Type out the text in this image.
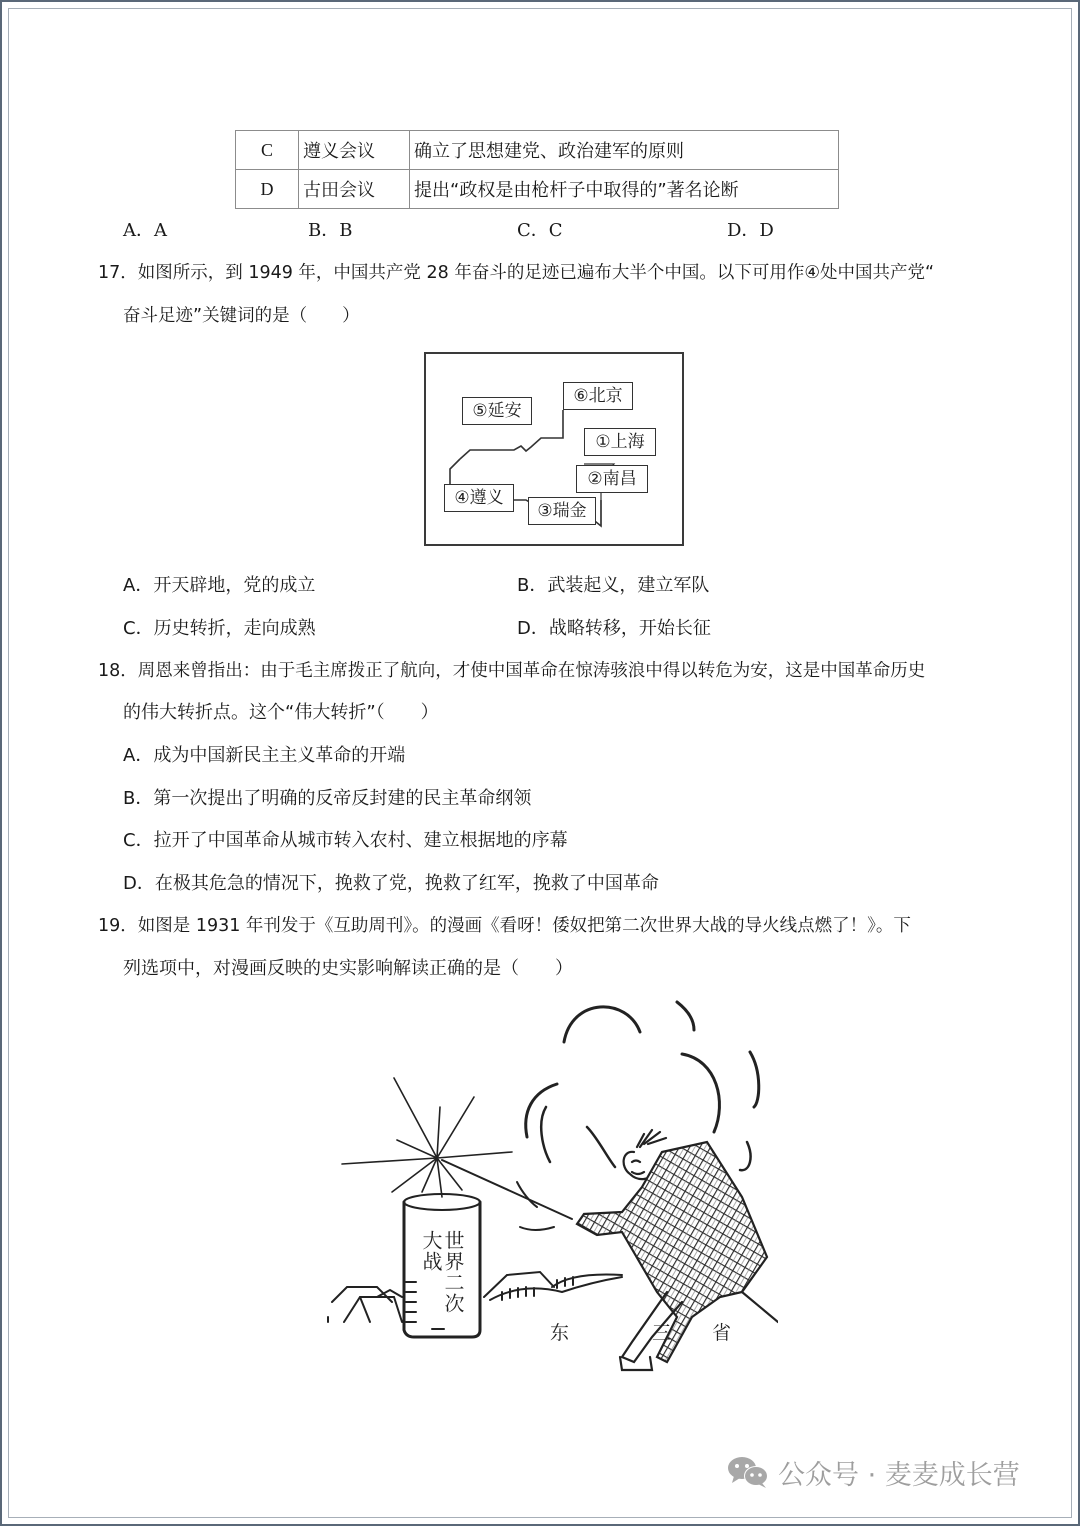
C	遵义会议	确立了思想建党、政治建军的原则
D	古田会议	提出“政权是由枪杆子中取得的”著名论断
A．A	B．B	C．C	D．D
17．如图所示，到 1949 年，中国共产党 28 年奋斗的足迹已遍布大半个中国。以下可用作④处中国共产党“
奋斗足迹”关键词的是（　　）
⑤延安
⑥北京
①上海
②南昌
④遵义
③瑞金
A．开天辟地，党的成立	B．武装起义，建立军队
C．历史转折，走向成熟	D．战略转移，开始长征
18．周恩来曾指出：由于毛主席拨正了航向，才使中国革命在惊涛骇浪中得以转危为安，这是中国革命历史
的伟大转折点。这个“伟大转折”（　　）
A．成为中国新民主主义革命的开端
B．第一次提出了明确的反帝反封建的民主革命纲领
C．拉开了中国革命从城市转入农村、建立根据地的序幕
D．在极其危急的情况下，挽救了党，挽救了红军，挽救了中国革命
19．如图是 1931 年刊发于《互助周刊》。的漫画《看呀！倭奴把第二次世界大战的导火线点燃了！》。下
列选项中，对漫画反映的史实影响解读正确的是（　　）
世界二次
大战
东	三 省
公众号 · 麦麦成长营
